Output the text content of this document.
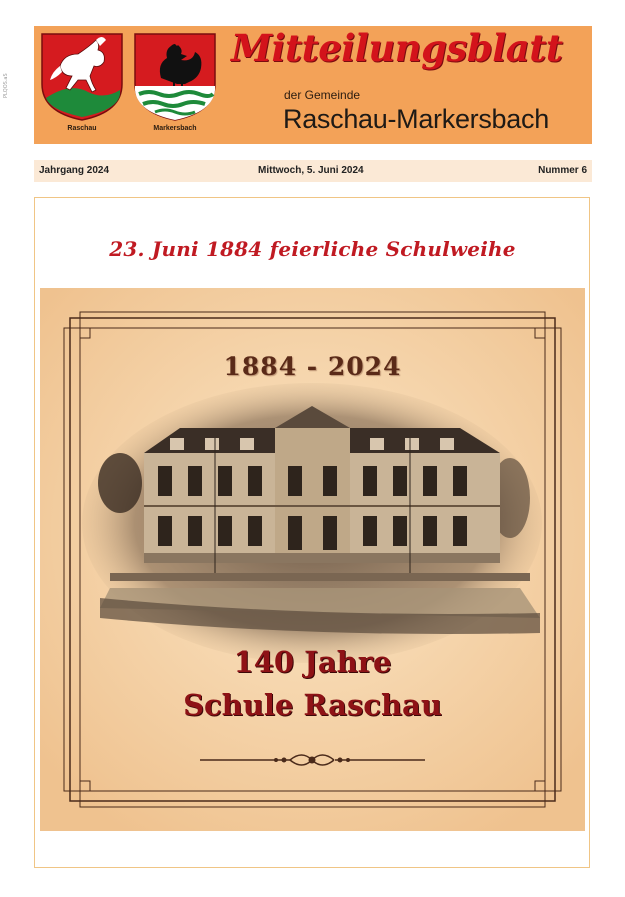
PLQOS.aS
Raschau	Markersbach
Mitteilungsblatt
der Gemeinde
Raschau-Markersbach
Jahrgang 2024	Mittwoch, 5. Juni 2024	Nummer 6
23. Juni 1884 feierliche Schulweihe
1884 - 2024
140 Jahre
Schule Raschau
